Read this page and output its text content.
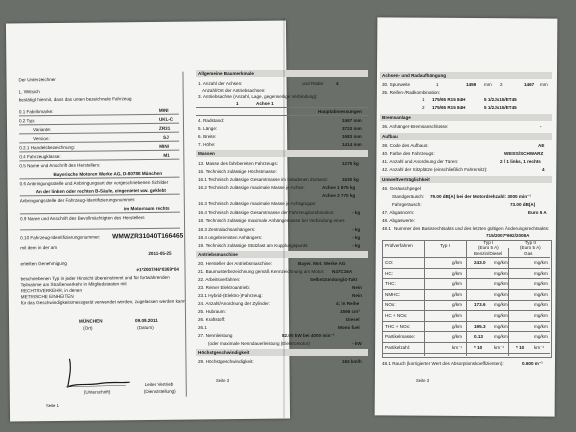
Der Unterzeichner
L. Wittsich
bestätigt hiermit, dass das unten bezeichnete Fahrzeug
0.1 Fabrikmarke:	MINI
0.2 Typ:	UKL-C
Variante:	ZR31
Version:	SJ
0.2.1 Handelsbezeichnung:	MINI
0.4 Fahrzeugklasse:	M1
0.5 Name und Anschrift des Herstellers:
Bayerische Motoren Werke AG, D-80788 München
0.6 Anbringungsstelle und Anbringungsart der vorgeschriebenen Schilder
An der linken oder rechten B-Säule, eingenietet ww. geklebt
Anbringungsstelle der Fahrzeug-Identifizierungsnummer:
im Motorraum rechts
0.9 Name und Anschrift des Bevollmächtigten des Herstellers
0.10 Fahrzeug-Identifizierungsnummer: WMWZR31040T166465
mit dem in der am
2011-05-25
erteilten Genehmigung
e1*2007/46*0369*04
beschriebenen Typ in jeder Hinsicht übereinstimmt und für fortwährenden
Teilnahme am Straßenverkehr in Mitgliedstaaten mit
RECHTSVERKEHR, in denen
METRISCHE EINHEITEN
für das Geschwindigkeitsmessgerät verwendet werden, zugelassen werden kann
MÜNCHEN
(Ort)
09.09.2011
(Datum)
(Unterschrift)
Leiter Vertrieb
(Dienststellung)
Seite 1
Allgemeine Baumerkmale
1. Anzahl der Achsen:	und Räder	4
Anzahl/Ort der Antriebsachsen:
3. Antriebsachse (Anzahl, Lage, gegenseitige Verbindung):
1	Achse 1
Hauptabmessungen
4. Radstand:	2467 mm
5. Länge:	3723 mm
6. Breite:	1683 mm
7. Höhe:	1414 mm
Massen
13. Masse des fahrbereiten Fahrzeugs:	1275 kg
16. Technisch zulässige Höchstmasse:
16.1 Technisch zulässige Gesamtmasse im beladenen Zustand:	1630 kg
16.2 Technisch zulässige maximale Masse je Achse:	Achse 1 875 kg
Achse 2 770 kg
16.3 Technisch zulässige maximale Masse je Achsgruppe:
16.4 Technisch zulässige Gesamtmasse der Fahrzeugkombination:	- kg
18. Technisch zulässige maximale Anhängemasse bei Verbindung eines
18.3 Zentralachsanhängers:	- kg
18.4 ungebremsten Anhängers:	- kg
19. Technisch zulässige Stützlast am Kupplungspunkt:	- kg
Antriebsmaschine
20. Hersteller der Antriebsmaschine:	Bayer. Mot. Werke AG
21. Baumusterbezeichnung gemäß Kennzeichnung am Motor: N47C16A
22. Arbeitsverfahren:	Selbstzündung/4-Takt
23. Reiner Elektroantrieb:	Nein
23.1 Hybrid-(Elektro-)Fahrzeug:	Nein
24. Anzahl/Anordnung der Zylinder:	4; in Reihe
25. Hubraum:	1598 cm³
26. Kraftstoff:	Diesel
26.1	Mono fuel
27. Nennleistung	82.00 kW bei 4000 min⁻¹
(oder maximale Nenndauerleistung (Elektromotor)	- kW
Höchstgeschwindigkeit
29. Höchstgeschwindigkeit:	184 km/h
Seite 3
Achsen- und Radaufhängung
30. Spurweite	1	1459 mm 2	1467 mm
35. Reifen-/Radkombination:
1 175/65 R15 84H	5 1/2Jx15/ET45
2 175/65 R15 84H	5 1/2Jx15/ET45
Bremsanlage
36. Anhänger-Bremsanschlüsse:	-
Aufbau
38. Code des Aufbaus:	AE
40. Farbe des Fahrzeugs:	WEISS/SCHWARZ
41. Anzahl und Anordnung der Türen:	2 / 1 links, 1 rechts
42. Anzahl der Sitzplätze (einschließlich Fahrersitz):	4
Umweltverträglichkeit
46. Geräuschpegel
Standgeräusch: 79.00 dB(A) bei der Motordrehzahl: 3000 min⁻¹
Fahrgeräusch:	73.00 dB(A)
47. Abgasnorm:	Euro 5 A
48. Abgaswerte:
48.1 Nummer des Basisrechtsakts und des letzten gültigen Änderungsrechtsakts:
715/2007*692/2008A
Prüfverfahren	Typ I
Typ I
(Euro 5 A)
Typ II
(Euro 5 A)
Benzin/Diesel	Gas
CO:	g/km	243.0 mg/km	mg/km
HC:	g/km	mg/km	mg/km
THC:	g/km	mg/km	mg/km
NMHC:	g/km	mg/km	mg/km
NOx:	g/km	173.6 mg/km	mg/km
HC + NOx:	g/km	mg/km	mg/km
THC + NOx:	g/km	195.3 mg/km	mg/km
Partikelmasse:	g/km	0.13 mg/km	mg/km
Partikelzahl:	km⁻¹	* 10	km⁻¹	* 10 km⁻¹
48.1 Rauch (korrigierter Wert des Absorptionskoeffizienten):	0.600 m⁻¹
Seite 3
